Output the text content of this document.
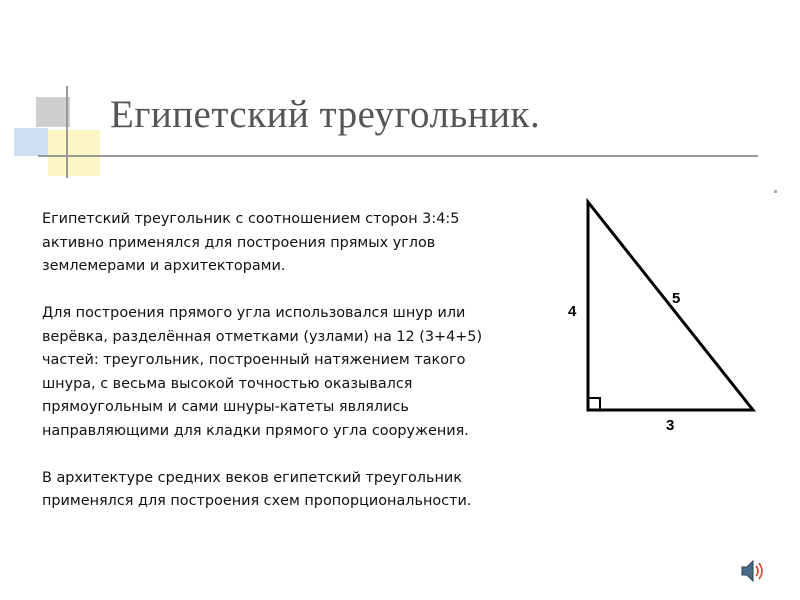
Египетский треугольник.

Египетский треугольник с соотношением сторон 3:4:5 активно применялся для построения прямых углов землемерами и архитекторами.

Для построения прямого угла использовался шнур или верёвка, разделённая отметками (узлами) на 12 (3+4+5) частей: треугольник, построенный натяжением такого шнура, с весьма высокой точностью оказывался прямоугольным и сами шнуры-катеты являлись направляющими для кладки прямого угла сооружения.

В архитектуре средних веков египетский треугольник применялся для построения схем пропорциональности.

4
5
3
